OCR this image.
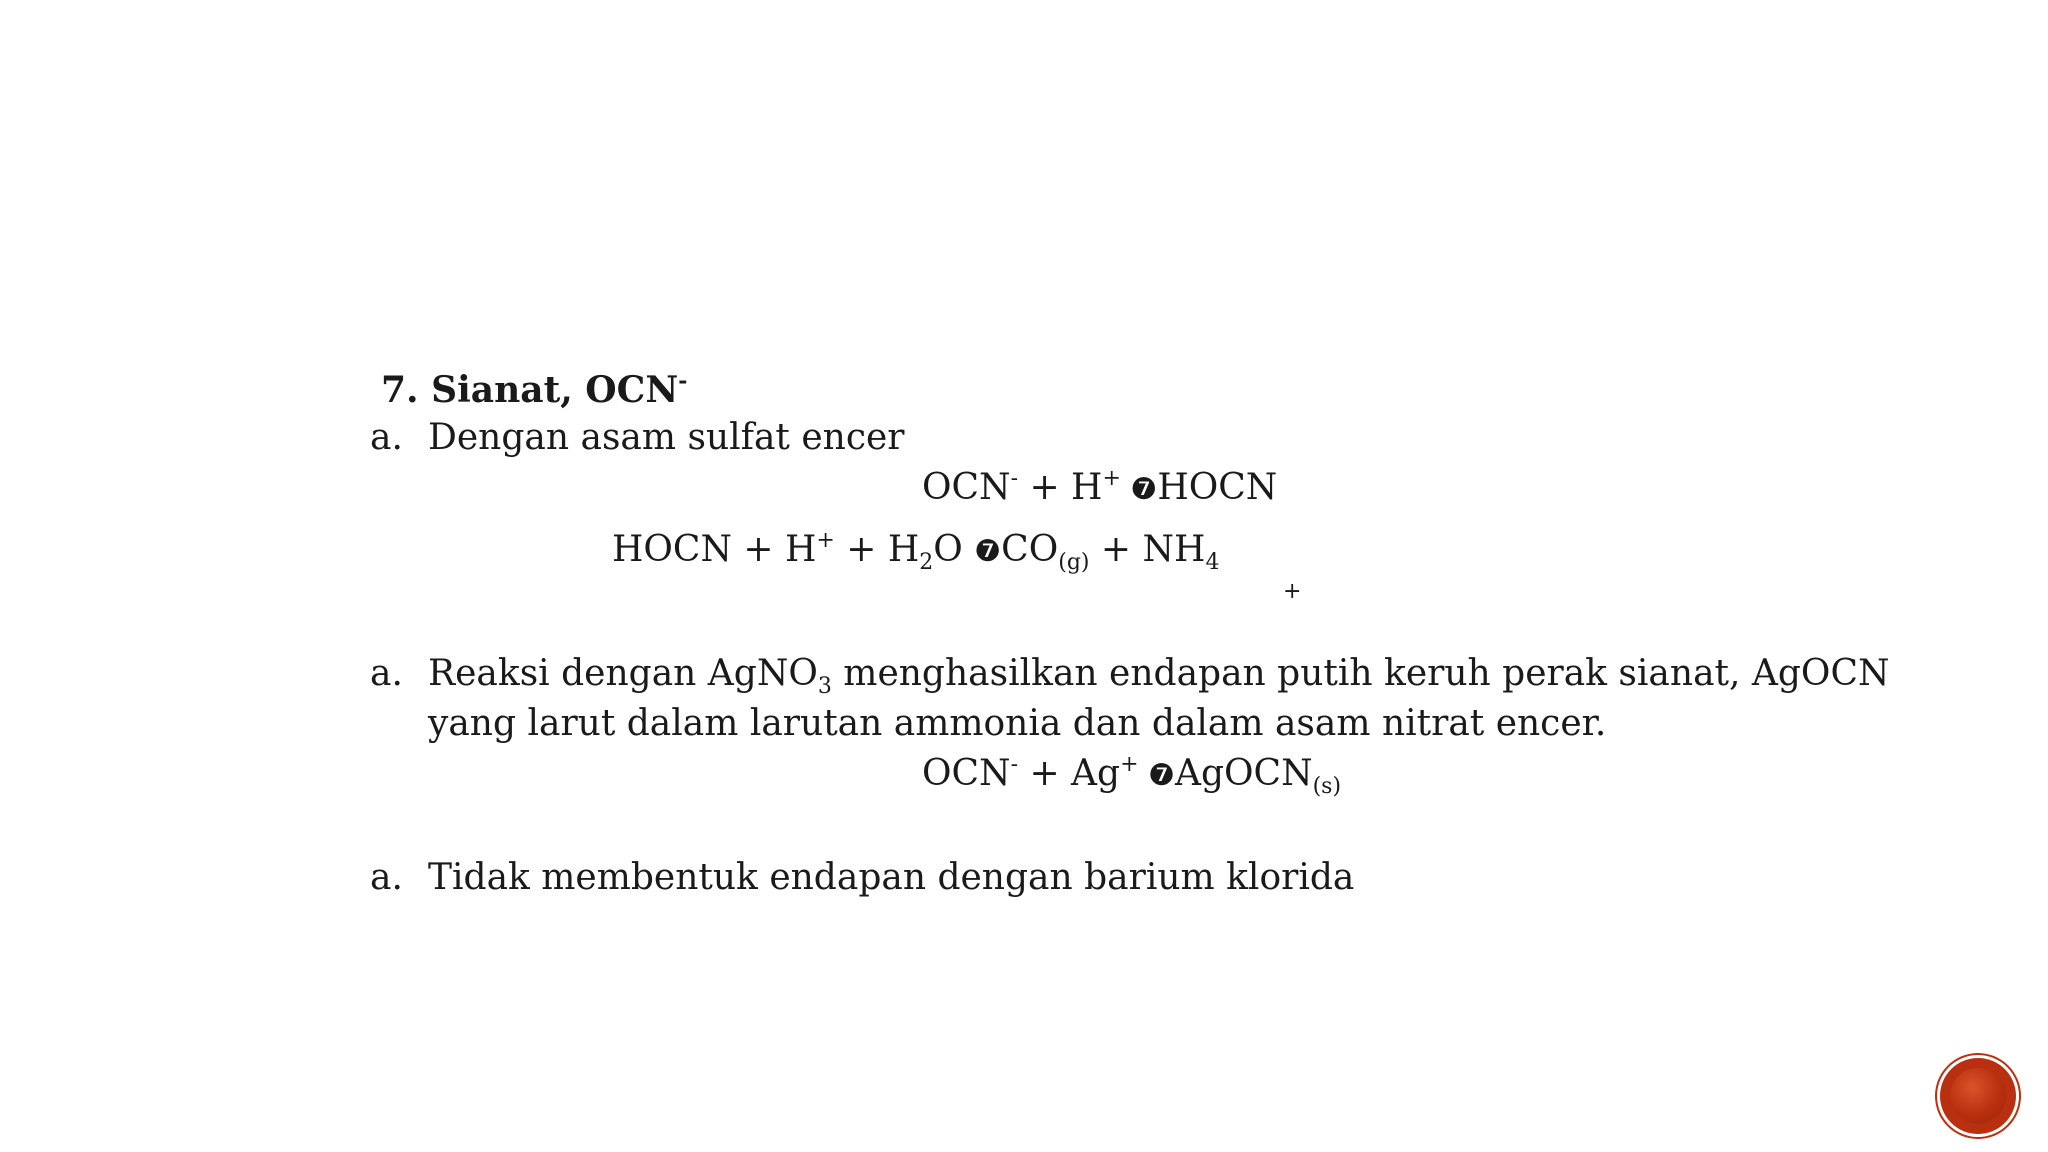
7. Sianat, OCN-
a. Dengan asam sulfat encer
OCN- + H+ ❼HOCN
HOCN + $H^+ + H_2O$ $❼CO_{(g)} + NH_4$
+
a. Reaksi dengan AgNO$_3$ menghasilkan endapan putih keruh perak sianat, AgOCN
yang larut dalam larutan ammonia dan dalam asam nitrat encer.
OCN- + Ag+ ❼AgOCN$_{(s)}$
a. Tidak membentuk endapan dengan barium klorida
